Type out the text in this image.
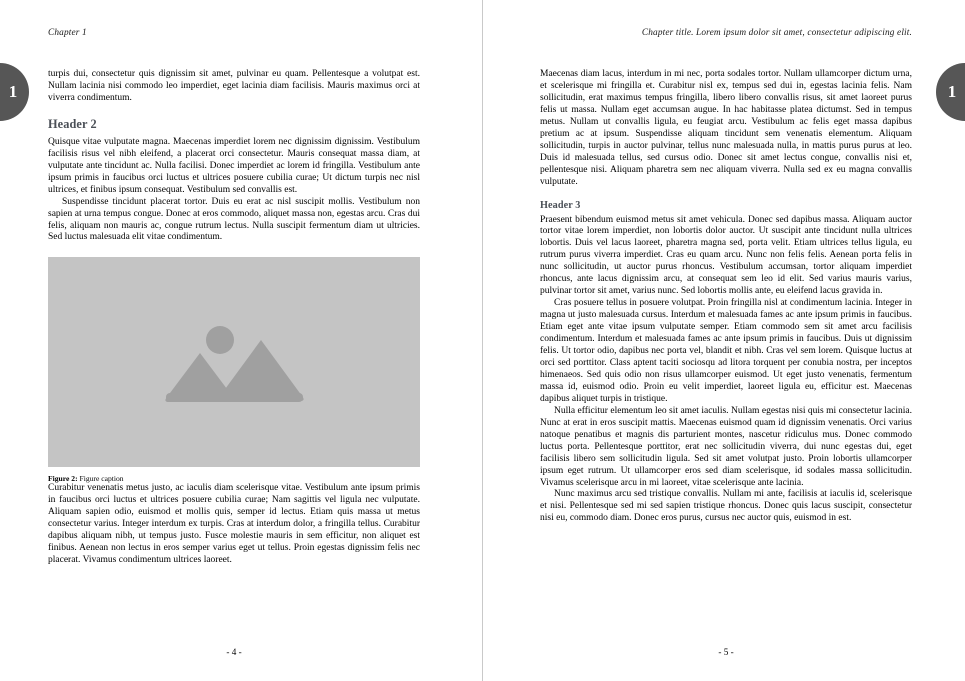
1
Chapter 1

turpis dui, consectetur quis dignissim sit amet, pulvinar eu quam. Pellentesque a volutpat est. Nullam lacinia nisi commodo leo imperdiet, eget lacinia diam facilisis. Mauris maximus orci at viverra condimentum.

Header 2

Quisque vitae vulputate magna. Maecenas imperdiet lorem nec dignissim dignissim. Vestibulum facilisis risus vel nibh eleifend, a placerat orci consectetur. Mauris consequat massa diam, at vulputate ante tincidunt ac. Nulla facilisi. Donec imperdiet ac lorem id fringilla. Vestibulum ante ipsum primis in faucibus orci luctus et ultrices posuere cubilia curae; Ut dictum turpis nec nisl ultrices, et finibus ipsum consequat. Vestibulum sed convallis est.

Suspendisse tincidunt placerat tortor. Duis eu erat ac nisl suscipit mollis. Vestibulum non sapien at urna tempus congue. Donec at eros commodo, aliquet massa non, egestas arcu. Cras dui felis, aliquam non mauris ac, congue rutrum lectus. Nulla suscipit fermentum diam ut ultricies. Sed luctus malesuada elit vitae condimentum.

Figure 2: Figure caption

Curabitur venenatis metus justo, ac iaculis diam scelerisque vitae. Vestibulum ante ipsum primis in faucibus orci luctus et ultrices posuere cubilia curae; Nam sagittis vel ligula nec vulputate. Aliquam sapien odio, euismod et mollis quis, semper id lectus. Etiam quis massa ut metus consectetur varius. Integer interdum ex turpis. Cras at interdum dolor, a fringilla tellus. Curabitur dapibus aliquam nibh, ut tempus justo. Fusce molestie mauris in sem efficitur, non aliquet est finibus. Aenean non lectus in eros semper varius eget ut tellus. Proin egestas dignissim felis nec placerat. Vivamus condimentum ultrices laoreet.

- 4 -
1
Chapter title. Lorem ipsum dolor sit amet, consectetur adipiscing elit.

Maecenas diam lacus, interdum in mi nec, porta sodales tortor. Nullam ullamcorper dictum urna, et scelerisque mi fringilla et. Curabitur nisl ex, tempus sed dui in, egestas lacinia felis. Nam sollicitudin, erat maximus tempus fringilla, libero libero convallis risus, sit amet laoreet purus felis ut massa. Nullam eget accumsan augue. In hac habitasse platea dictumst. Sed in tempus metus. Nullam ut convallis ligula, eu feugiat arcu. Vestibulum ac felis eget massa dapibus pretium ac at ipsum. Suspendisse aliquam tincidunt sem venenatis elementum. Aliquam sollicitudin, turpis in auctor pulvinar, tellus nunc malesuada nulla, in mattis purus purus at leo. Duis id malesuada tellus, sed cursus odio. Donec sit amet lectus congue, convallis nisi et, pellentesque nisi. Aliquam pharetra sem nec aliquam viverra. Nulla sed ex eu magna convallis vulputate.

Header 3

Praesent bibendum euismod metus sit amet vehicula. Donec sed dapibus massa. Aliquam auctor tortor vitae lorem imperdiet, non lobortis dolor auctor. Ut suscipit ante tincidunt nulla ultrices lobortis. Duis vel lacus laoreet, pharetra magna sed, porta velit. Etiam ultrices tellus ligula, eu rutrum purus viverra imperdiet. Cras eu quam arcu. Nunc non felis felis. Aenean porta felis in nunc sollicitudin, ut auctor purus rhoncus. Vestibulum accumsan, tortor aliquam imperdiet rhoncus, ante lacus dignissim arcu, at consequat sem leo id elit. Sed varius mauris varius, pulvinar tortor sit amet, varius nunc. Sed lobortis mollis ante, eu eleifend lacus gravida in.

Cras posuere tellus in posuere volutpat. Proin fringilla nisl at condimentum lacinia. Integer in magna ut justo malesuada cursus. Interdum et malesuada fames ac ante ipsum primis in faucibus. Etiam eget ante vitae ipsum vulputate semper. Etiam commodo sem sit amet arcu facilisis condimentum. Interdum et malesuada fames ac ante ipsum primis in faucibus. Duis ut dignissim felis. Ut tortor odio, dapibus nec porta vel, blandit et nibh. Cras vel sem lorem. Quisque luctus at orci sed porttitor. Class aptent taciti sociosqu ad litora torquent per conubia nostra, per inceptos himenaeos. Sed quis odio non risus ullamcorper euismod. Ut eget justo venenatis, fermentum massa id, euismod odio. Proin eu velit imperdiet, laoreet ligula eu, efficitur est. Maecenas dapibus aliquet turpis in tristique.

Nulla efficitur elementum leo sit amet iaculis. Nullam egestas nisi quis mi consectetur lacinia. Nunc at erat in eros suscipit mattis. Maecenas euismod quam id dignissim venenatis. Orci varius natoque penatibus et magnis dis parturient montes, nascetur ridiculus mus. Donec commodo luctus porta. Pellentesque porttitor, erat nec sollicitudin viverra, dui nunc egestas dui, eget facilisis libero sem sollicitudin ligula. Sed sit amet volutpat justo. Proin lobortis ullamcorper ipsum eget rutrum. Ut ullamcorper eros sed diam scelerisque, id sodales massa sollicitudin. Vivamus scelerisque arcu in mi laoreet, vitae scelerisque ante lacinia.

Nunc maximus arcu sed tristique convallis. Nullam mi ante, facilisis at iaculis id, scelerisque et nisi. Pellentesque sed mi sed sapien tristique rhoncus. Donec quis lacus suscipit, consectetur nisi eu, commodo diam. Donec eros purus, cursus nec auctor quis, euismod in est.

- 5 -
